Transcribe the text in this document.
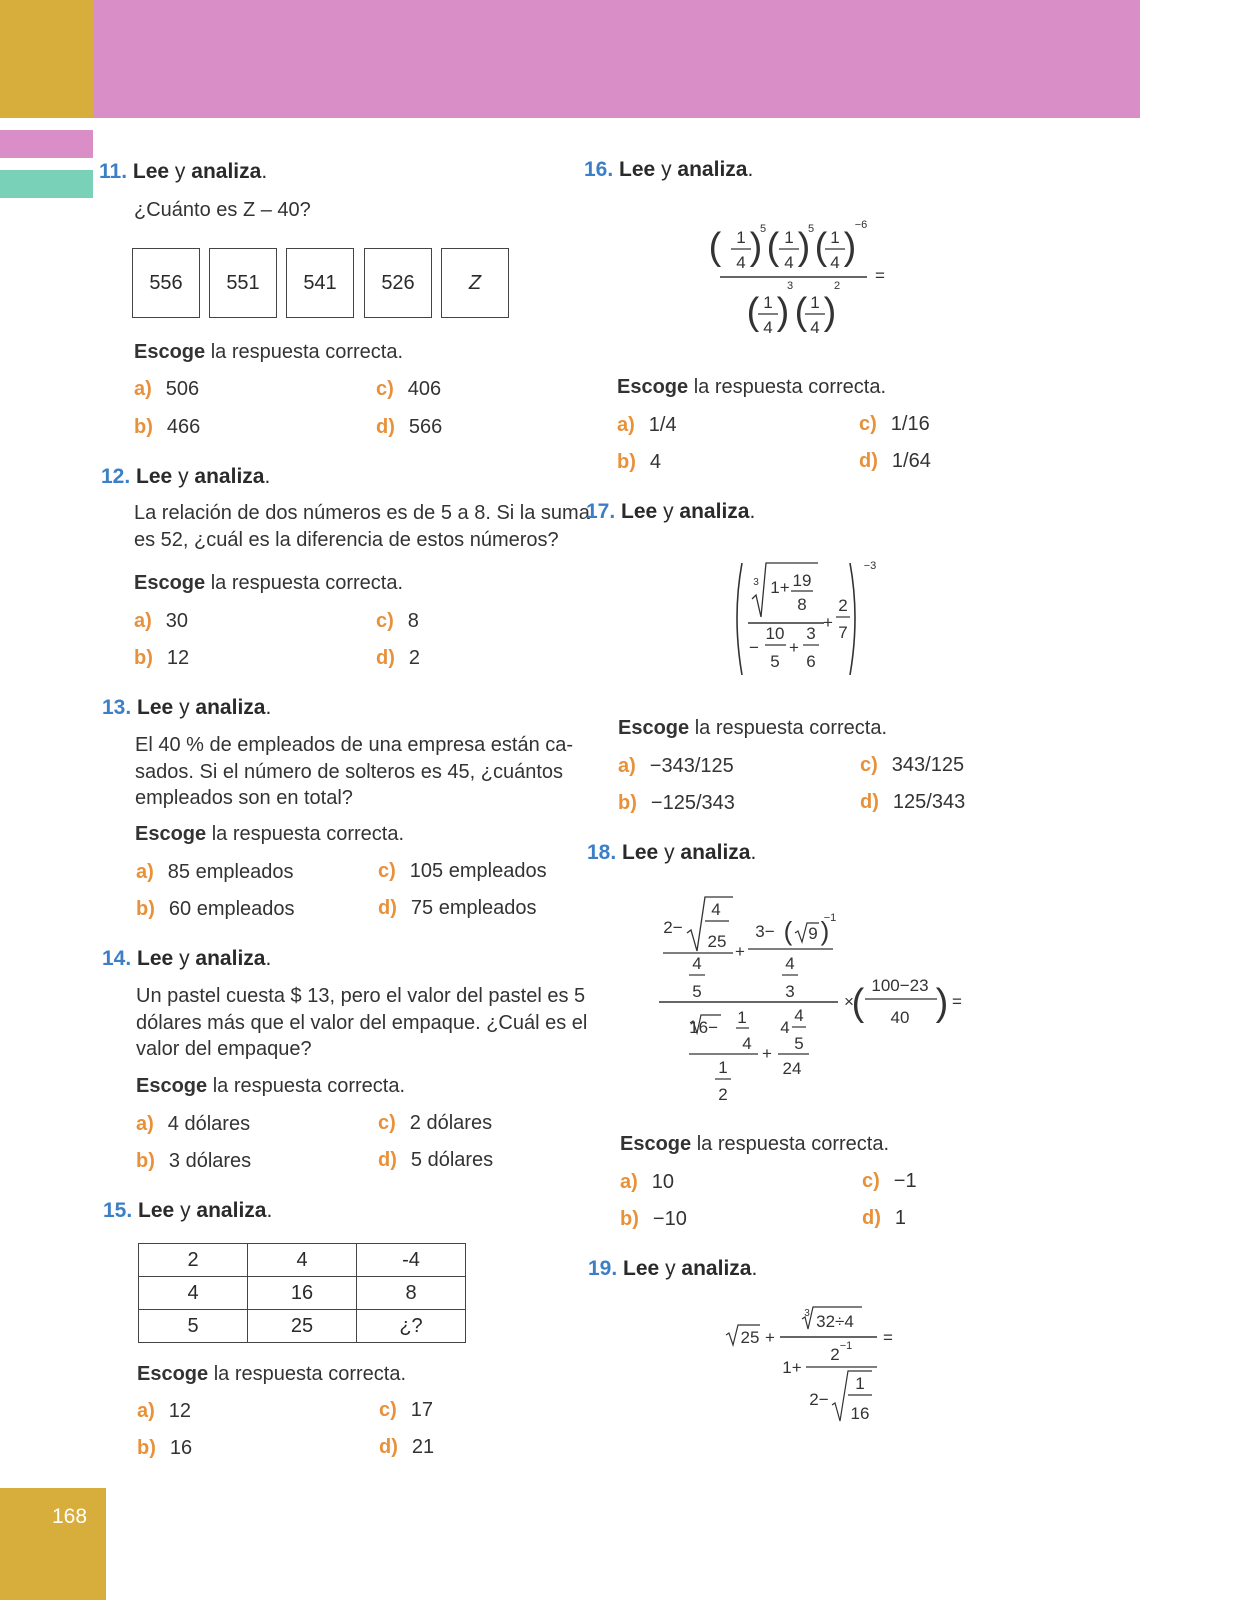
11. Lee y analiza.
¿Cuánto es Z – 40?
556	551	541	526	Z
Escoge la respuesta correcta.
a) 506	c) 406
b) 466	d) 566
12. Lee y analiza.
La relación de dos números es de 5 a 8. Si la suma
es 52, ¿cuál es la diferencia de estos números?
Escoge la respuesta correcta.
a) 30	c) 8
b) 12	d) 2
13. Lee y analiza.
El 40 % de empleados de una empresa están ca-
sados. Si el número de solteros es 45, ¿cuántos
empleados son en total?
Escoge la respuesta correcta.
a) 85 empleados	c) 105 empleados
b) 60 empleados	d) 75 empleados
14. Lee y analiza.
Un pastel cuesta $ 13, pero el valor del pastel es 5
dólares más que el valor del empaque. ¿Cuál es el
valor del empaque?
Escoge la respuesta correcta.
a) 4 dólares	c) 2 dólares
b) 3 dólares	d) 5 dólares
15. Lee y analiza.
2	4	-4
4	16	8
5	25	¿?
Escoge la respuesta correcta.
a) 12	c) 17
b) 16	d) 21
16. Lee y analiza.
( 1
4 )
5 ( 1
4 )
5 ( 1
4 )
−6
=
( 1
4 )
3
( 1
4 )
2
Escoge la respuesta correcta.
a) 1/4	c) 1/16
b) 4	d) 1/64
17. Lee y analiza.
−3
3 1+ 19
8
−
10
5
+
3
6
+
2
7
Escoge la respuesta correcta.
a) −343/125	c) 343/125
b) −125/343	d) 125/343
18. Lee y analiza.
2−
4
25
4
5
+
3− ( 9 )
−1
4
3
×
( 100−23
40 ) =
16−
1
4
1
2
+
4
4
5
24
Escoge la respuesta correcta.
a) 10	c) −1
b) −10	d) 1
19. Lee y analiza.
25 +
3 32÷4
2 −1 =
1+
2−
1
16
168
